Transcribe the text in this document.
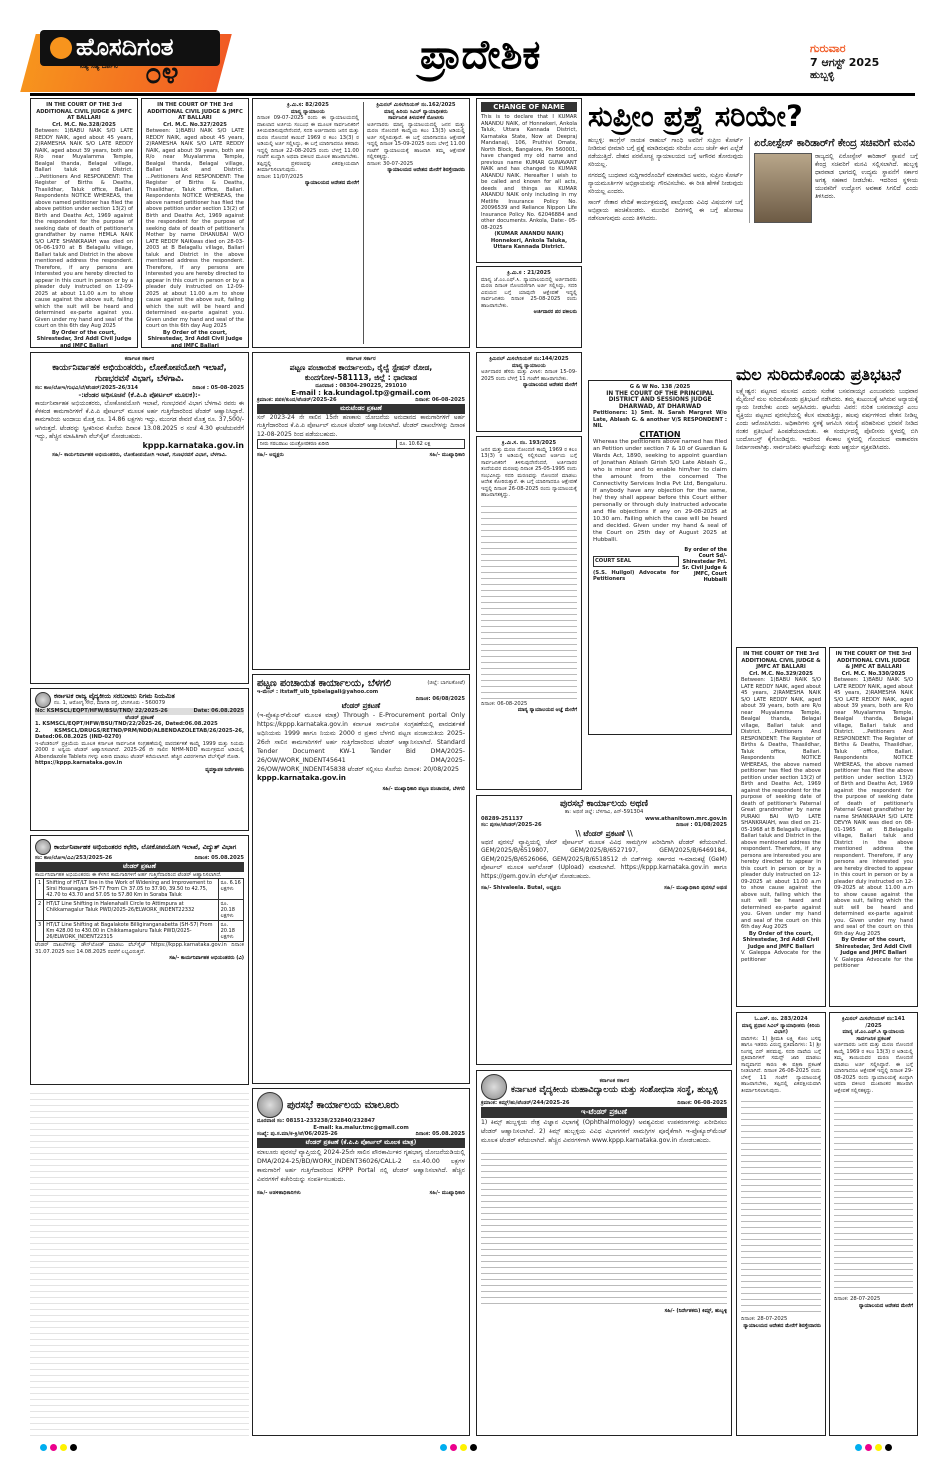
ಹೊಸದಿಗಂತ
ನಿತ್ಯ ಸತ್ಯ ದರ್ಶನ ೦೪	ಪ್ರಾದೇಶಿಕ	ಗುರುವಾರ
7 ಆಗಸ್ಟ್ 2025
ಹುಬ್ಬಳ್ಳಿ
IN THE COURT OF THE 3rd ADDITIONAL CIVIL JUDGE & JMFC AT BALLARI
Crl. M.C. No.328/2025
Between: 1)BABU NAIK S/O LATE REDDY NAIK, aged about 45 years, 2)RAMESHA NAIK S/O LATE REDDY NAIK, aged about 39 years, both are R/o near Muyalamma Temple, Bealgal thanda, Belagal village, Ballari taluk and District. ...Petitioners And RESPONDENT: The Register of Births & Deaths, Thasildhar, Taluk office, Ballari. Respondents NOTICE WHEREAS, the above named petitioner has filed the above petition under section 13(2) of Birth and Deaths Act, 1969 against the respondent for the purpose of seeking date of death of petitioner's grandfather by name HEMLA NAIK S/O LATE SHANKRAIAH was died on 06-06-1970 at B Belagallu village, Ballari taluk and District in the above mentioned address the respondent. Therefore, if any persons are interested you are hereby directed to appear in this court in person or by a pleader duly instructed on 12-09-2025 at about 11.00 a.m to show cause against the above suit, failing which the suit will be heard and determined ex-parte against you. Given under my hand and seal of the court on this 6th day Aug 2025
By Order of the court, Shirestedar, 3rd Addl Civil Judge and JMFC Ballari
IN THE COURT OF THE 3rd ADDITIONAL CIVIL JUDGE & JMFC AT BALLARI
Crl. M.C. No.327/2025
Between: 1)BABU NAIK S/O LATE REDDY NAIK, aged about 45 years, 2)RAMESHA NAIK S/O LATE REDDY NAIK, aged about 39 years, both are R/o near Muyalamma Temple, Bealgal thanda, Belagal village, Ballari taluk and District. ...Petitioners And RESPONDENT: The Register of Births & Deaths, Thasildhar, Taluk office, Ballari. Respondents NOTICE WHEREAS, the above named petitioner has filed the above petition under section 13(2) of Birth and Deaths Act, 1969 against the respondent for the purpose of seeking date of death of petitioner's Mother by name DHANUBAI W/O LATE REDDY NAIKwas died on 28-03-2003 at B Belagallu village, Ballari taluk and District in the above mentioned address the respondent. Therefore, if any persons are interested you are hereby directed to appear in this court in person or by a pleader duly instructed on 12-09-2025 at about 11.00 a.m to show cause against the above suit, failing which the suit will be heard and determined ex-parte against you. Given under my hand and seal of the court on this 6th day Aug 2025
By Order of the court, Shirestedar, 3rd Addl Civil Judge and JMFC Ballari
ಕ್ರಿ.ಮಿ.ಸ: 82/2025
ಮಾನ್ಯ ನ್ಯಾಯಾಲಯ
ದಿನಾಂಕ 09-07-2025 ರಂದು ಈ ನ್ಯಾಯಾಲಯದಲ್ಲಿ ದಾಖಲಾದ ಅರ್ಜಿಯ ಸಂಬಂಧ ಈ ಮೂಲಕ ಸಾರ್ವಜನಿಕರಿಗೆ ತಿಳಿಯಪಡಿಸುವುದೇನೆಂದರೆ, ಸದರಿ ಅರ್ಜಿದಾರರು ಜನನ ಮತ್ತು ಮರಣ ನೋಂದಣಿ ಕಾಯಿದೆ 1969 ರ ಕಲಂ 13(3) ರ ಅಡಿಯಲ್ಲಿ ಅರ್ಜಿ ಸಲ್ಲಿಸಿದ್ದು, ಈ ಬಗ್ಗೆ ಯಾರಿಗಾದರೂ ತಕರಾರು ಇದ್ದಲ್ಲಿ ದಿನಾಂಕ 22-08-2025 ರಂದು ಬೆಳಗ್ಗೆ 11.00 ಗಂಟೆಗೆ ಖುದ್ದಾಗಿ ಅಥವಾ ವಕೀಲರ ಮೂಲಕ ಹಾಜರಾಗಬೇಕು. ತಪ್ಪಿದ್ದಲ್ಲಿ ಪ್ರಕರಣವನ್ನು ಏಕಪಕ್ಷೀಯವಾಗಿ ತೀರ್ಮಾನಿಸಲಾಗುವುದು.
ದಿನಾಂಕ: 11/07/2025
ನ್ಯಾಯಾಲಯದ ಆದೇಶದ ಮೇರೆಗೆ
ಕ್ರಿಮಿನಲ್ ಮಿಸಲೇನಿಯಸ್ ನಂ.162/2025
ಮಾನ್ಯ ಹಿರಿಯ ಸಿವಿಲ್ ನ್ಯಾಯಾಧೀಶರು
ಸಾರ್ವಜನಿಕ ತಿಳುವಳಿಕೆ ನೋಟೀಸು
ಅರ್ಜಿದಾರರು ಮಾನ್ಯ ನ್ಯಾಯಾಲಯದಲ್ಲಿ ಜನನ ಮತ್ತು ಮರಣ ನೋಂದಣಿ ಕಾಯ್ದೆಯ ಕಲಂ 13(3) ಅಡಿಯಲ್ಲಿ ಅರ್ಜಿ ಸಲ್ಲಿಸಿರುತ್ತಾರೆ. ಈ ಬಗ್ಗೆ ಯಾರಿಗಾದರೂ ಆಕ್ಷೇಪಣೆ ಇದ್ದಲ್ಲಿ ದಿನಾಂಕ 15-09-2025 ರಂದು ಬೆಳಿಗ್ಗೆ 11.00 ಗಂಟೆಗೆ ನ್ಯಾಯಾಲಯಕ್ಕೆ ಹಾಜರಾಗಿ ತಮ್ಮ ಆಕ್ಷೇಪಣೆ ಸಲ್ಲಿಸತಕ್ಕದ್ದು.
ದಿನಾಂಕ: 30-07-2025
ನ್ಯಾಯಾಲಯದ ಆದೇಶದ ಮೇರೆಗೆ ಶಿರಸ್ತೇದಾರರು
CHANGE OF NAME
This is to declare that I KUMAR ANANDU NAIK, of Honnekeri, Ankola Taluk, Uttara Kannada District, Karnataka State, Now at Deepraj Mandanaji, 106, Pruthivi Omate, North Block, Bangalore, Pin 560001, have changed my old name and previous name KUMAR GUNAVANT NAIK and has changed to KUMAR ANANDU NAIK. Hereafter I wish to be called and known for all acts, deeds and things as KUMAR ANANDU NAIK only including in my Metlife Insurance Policy No. 20096539 and Reliance Nippon Life Insurance Policy No. 62046884 and other documents. Ankola, Date:- 05-08-2025
(KUMAR ANANDU NAIK) Honnekeri, Ankola Taluka, Uttara Kannada District.
ಕ್ರಿ.ಮಿ.ಸ : 21/2025
ಮಾನ್ಯ ಜೆ.ಎಂ.ಎಫ್.ಸಿ. ನ್ಯಾಯಾಲಯದಲ್ಲಿ ಅರ್ಜಿದಾರರು ಮರಣ ದಿನಾಂಕ ನೋಂದಣಿಗಾಗಿ ಅರ್ಜಿ ಸಲ್ಲಿಸಿದ್ದು, ಸದರಿ ವಿಷಯದ ಬಗ್ಗೆ ಯಾವುದೇ ಆಕ್ಷೇಪಣೆ ಇದ್ದಲ್ಲಿ ಸಾರ್ವಜನಿಕರು ದಿನಾಂಕ 25-08-2025 ರಂದು ಹಾಜರಾಗಬೇಕು.
ಅರ್ಜಿದಾರರ ಪರ ವಕೀಲರು
ಸುಪ್ರೀಂ ಪ್ರಶ್ನೆ ಸರಿಯೇ?
ಹುಬ್ಬಳ್ಳಿ: ಕಾಂಗ್ರೆಸ್ ನಾಯಕ ರಾಹುಲ್ ಗಾಂಧಿ ಅವರಿಗೆ ಸುಪ್ರೀಂ ಕೋರ್ಟ್ ನೀಡಿರುವ ಛೀಮಾರಿ ಬಗ್ಗೆ ಪ್ರಶ್ನೆ ಮಾಡಿರುವುದು ಸರಿಯೇ ಎಂಬ ಚರ್ಚೆ ಈಗ ಎಲ್ಲೆಡೆ ನಡೆಯುತ್ತಿದೆ. ದೇಶದ ಪರಮೋಚ್ಚ ನ್ಯಾಯಾಲಯದ ಬಗ್ಗೆ ಅಗೌರವ ತೋರುವುದು ಸರಿಯಲ್ಲ.
ನಗರದಲ್ಲಿ ಬುಧವಾರ ಸುದ್ದಿಗಾರರೊಂದಿಗೆ ಮಾತನಾಡಿದ ಅವರು, ಸುಪ್ರೀಂ ಕೋರ್ಟ್ ನ್ಯಾಯಮೂರ್ತಿಗಳ ಅಭಿಪ್ರಾಯವನ್ನು ಗೌರವಿಸಬೇಕು. ಈ ರೀತಿ ಹೇಳಿಕೆ ನೀಡುವುದು ಸರಿಯಲ್ಲ ಎಂದರು.
ಸಾಂಗ್ ನೇತಾರ ವೇದಿಕೆ ಕಾರ್ಯಕ್ರಮದಲ್ಲಿ ಪಾಲ್ಗೊಂಡು ವಿವಿಧ ವಿಷಯಗಳ ಬಗ್ಗೆ ಅಭಿಪ್ರಾಯ ಹಂಚಿಕೊಂಡರು. ಮುಂದಿನ ದಿನಗಳಲ್ಲಿ ಈ ಬಗ್ಗೆ ಹೋರಾಟ ನಡೆಸಲಾಗುವುದು ಎಂದು ತಿಳಿಸಿದರು.
ಏರೋಸ್ಪೇಸ್ ಕಾರಿಡಾರ್‌ಗೆ ಕೇಂದ್ರ ಸಚಿವರಿಗೆ ಮನವಿ
ರಾಜ್ಯದಲ್ಲಿ ಏರೋಸ್ಪೇಸ್ ಕಾರಿಡಾರ್ ಸ್ಥಾಪನೆ ಬಗ್ಗೆ ಕೇಂದ್ರ ಸಚಿವರಿಗೆ ಮನವಿ ಸಲ್ಲಿಸಲಾಗಿದೆ. ಹುಬ್ಬಳ್ಳಿ ಧಾರವಾಡ ಭಾಗದಲ್ಲಿ ಉದ್ಯಮ ಸ್ಥಾಪನೆಗೆ ಸರ್ಕಾರ ಅಗತ್ಯ ಸಹಕಾರ ನೀಡಬೇಕು. ಇದರಿಂದ ಸ್ಥಳೀಯ ಯುವಕರಿಗೆ ಉದ್ಯೋಗ ಅವಕಾಶ ಸಿಗಲಿದೆ ಎಂದು ತಿಳಿಸಿದರು.
ಕರ್ನಾಟಕ ಸರ್ಕಾರ
ಕಾರ್ಯನಿರ್ವಾಹಕ ಅಭಿಯಂತರರು, ಲೋಕೋಪಯೋಗಿ ಇಲಾಖೆ, ಗುಣಭರವಸೆ ವಿಭಾಗ, ಬೆಳಗಾವಿ.
ಸಂ: ಕಾಅ/ಲೋಇ/ಗುಭವಿ/ಬೆ/ಟೆಂಡರ್/2025-26/314	ದಿನಾಂಕ : 05-08-2025
-:ಟೆಂಡರ ಅಧಿಸೂಚನೆ (ಕೆ.ಪಿ.ಪಿ ಪೋರ್ಟಲ್ ಮೂಲಕ):-
ಕಾರ್ಯನಿರ್ವಾಹಕ ಅಭಿಯಂತರರು, ಲೋಕೋಪಯೋಗಿ ಇಲಾಖೆ, ಗುಣಭರವಸೆ ವಿಭಾಗ ಬೆಳಗಾವಿ ರವರು ಈ ಕೆಳಕಂಡ ಕಾಮಗಾರಿಗಳಿಗೆ ಕೆ.ಪಿ.ಪಿ ಪೋರ್ಟಲ್ ಮೂಲಕ ಅರ್ಹ ಗುತ್ತಿಗೆದಾರರಿಂದ ಟೆಂಡರ್ ಆಹ್ವಾನಿಸಿದ್ದಾರೆ. ಕಾಮಗಾರಿಯ ಅಂದಾಜು ಮೊತ್ತ ರೂ. 14.86 ಲಕ್ಷಗಳು ಇದ್ದು, ಮುಂಗಡ ಠೇವಣಿ ಮೊತ್ತ ರೂ. 37,500/- ಆಗಿರುತ್ತದೆ. ಟೆಂಡರನ್ನು ಸ್ವೀಕರಿಸುವ ಕೊನೆಯ ದಿನಾಂಕ 13.08.2025 ರ ಸಂಜೆ 4.30 ಘಂಟೆಯವರೆಗೆ ಇದ್ದು, ಹೆಚ್ಚಿನ ಮಾಹಿತಿಗಾಗಿ ವೆಬ್‌ಸೈಟ್ ನೋಡಬಹುದು.
kppp.karnataka.gov.in
ಸಹಿ/- ಕಾರ್ಯನಿರ್ವಾಹಕ ಅಭಿಯಂತರರು, ಲೋಕೋಪಯೋಗಿ ಇಲಾಖೆ, ಗುಣಭರವಸೆ ವಿಭಾಗ, ಬೆಳಗಾವಿ.
ಕರ್ನಾಟಕ ರಾಜ್ಯ ವೈದ್ಯಕೀಯ ಸರಬರಾಜು ನಿಗಮ ನಿಯಮಿತ
ನಂ. 1, ಆರೋಗ್ಯ ಸೌಧ, ಮಾಗಡಿ ರಸ್ತೆ, ಬೆಂಗಳೂರು - 560079
No: KSMSCL/EQPT/HFW/BSU/TND/ 22/2025-26	Date: 06.08.2025
ಟೆಂಡರ್ ಪ್ರಕಟಣೆ
1. KSMSCL/EQPT/HFW/BSU/TND/22/2025-26, Dated:06.08.2025
2. KSMSCL/DRUGS/RETND/PRM/NDD/ALBENDAZOLETAB/26/2025-26, Dated:06.08.2025 (IND-0270)
ಇ-ಟೆಂಡರಿಂಗ್ ಪ್ರಕ್ರಿಯೆಯ ಮೂಲಕ ಕರ್ನಾಟಕ ಸಾರ್ವಜನಿಕ ಸಂಗ್ರಹಣೆಯಲ್ಲಿ ಪಾರದರ್ಶಕತೆ ಕಾಯ್ದೆ 1999 ಮತ್ತು ನಿಯಮ 2000 ರ ಅನ್ವಯ ಟೆಂಡರ್ ಆಹ್ವಾನಿಸಲಾಗಿದೆ. 2025-26 ನೇ ಸಾಲಿನ NHM-NDD ಕಾರ್ಯಕ್ರಮದ ಅಡಿಯಲ್ಲಿ Albendazole Tablets ಗಳನ್ನು ಖರೀದಿ ಮಾಡಲು ಟೆಂಡರ್ ಕರೆಯಲಾಗಿದೆ. ಹೆಚ್ಚಿನ ವಿವರಗಳಿಗಾಗಿ ವೆಬ್‌ಸೈಟ್ ನೋಡಿ.
https://kppp.karnataka.gov.in
ವ್ಯವಸ್ಥಾಪಕ ನಿರ್ದೇಶಕರು
ಕಾರ್ಯನಿರ್ವಾಹಕ ಅಭಿಯಂತರರ ಕಛೇರಿ, ಲೋಕೋಪಯೋಗಿ ಇಲಾಖೆ, ವಿದ್ಯುತ್ ವಿಭಾಗ
ಸಂ: ಕಾಅ/ಲೋಇ/ವಿವಿ/253/2025-26	ದಿನಾಂಕ: 05.08.2025
ಟೆಂಡರ್ ಪ್ರಕಟಣೆ
ಕಾರ್ಯನಿರ್ವಾಹಕ ಅಭಿಯಂತರರು ಈ ಕೆಳಗಿನ ಕಾಮಗಾರಿಗಳಿಗೆ ಅರ್ಹ ಗುತ್ತಿಗೆದಾರರಿಂದ ಟೆಂಡರ್ ಆಹ್ವಾನಿಸಲಾಗಿದೆ.
1	Shifting of HT/LT line in the Work of Widening and Improvement to Sirsi Hosanagara SH-77 From Ch 37.05 to 37.90, 39.50 to 42.75, 42.70 to 43.70 and 57.05 to 57.80 Km in Soraba Taluk	ರೂ. 6.16 ಲಕ್ಷಗಳು
2	HT/LT Line Shifting in Halenahalli Circle to Attimpura at Chikkamagalur Taluk PWD/2025-26/ELWORK_INDENT22332	ರೂ. 20.18 ಲಕ್ಷಗಳು
3	HT/LT Line Shifting at Bagalakote Billigiranganabetta (SH-57) From Km 428.00 to 430.00 in Chikkamagaluru Taluk PWD/2025-26/ELWORK_INDENT22315	ರೂ. 20.18 ಲಕ್ಷಗಳು
ಟೆಂಡರ್ ದಾಖಲೆಗಳನ್ನು ಡೌನ್‌ಲೋಡ್ ಮಾಡಲು ವೆಬ್‌ಸೈಟ್ https://kppp.karnataka.gov.in ದಿನಾಂಕ 31.07.2025 ರಿಂದ 14.08.2025 ರವರೆಗೆ ಲಭ್ಯವಿರುತ್ತದೆ.
ಸಹಿ/- ಕಾರ್ಯನಿರ್ವಾಹಕ ಅಭಿಯಂತರರು (ವಿ)
ಕರ್ನಾಟಕ ಸರ್ಕಾರ
ಪಟ್ಟಣ ಪಂಚಾಯತ ಕಾರ್ಯಾಲಯ, ರೈಲ್ವೆ ಸ್ಟೇಷನ್ ರೋಡ, ಕುಂದಗೋಳ-581113, ಜಿಲ್ಲೆ : ಧಾರವಾಡ
ದೂರವಾಣಿ : 08304-290225, 291010
E-mail : ka.kundagol.tp@gmail.com
ಕ್ರಮಾಂಕ: ಪಪಕ/ಕುಂದ/ಟೆಂಡರ್/2025-26	ದಿನಾಂಕ: 06-08-2025
ಮರುಟೆಂಡರ ಪ್ರಕಟಣೆ
ಸನ್ 2023-24 ನೇ ಸಾಲಿನ 15ನೇ ಹಣಕಾಸು ಯೋಜನೆಯ ಅನುದಾನದ ಕಾಮಗಾರಿಗಳಿಗೆ ಅರ್ಹ ಗುತ್ತಿಗೆದಾರರಿಂದ ಕೆ.ಪಿ.ಪಿ ಪೋರ್ಟಲ್ ಮೂಲಕ ಟೆಂಡರ್ ಆಹ್ವಾನಿಸಲಾಗಿದೆ. ಟೆಂಡರ್ ದಾಖಲೆಗಳನ್ನು ದಿನಾಂಕ 12-08-2025 ರಿಂದ ಪಡೆಯಬಹುದು.
ನೀರು ಸರಬರಾಜು ಯಂತ್ರೋಪಕರಣ ಖರೀದಿ	ರೂ. 10.62 ಲಕ್ಷ
ಸಹಿ/- ಅಧ್ಯಕ್ಷರು	ಸಹಿ/- ಮುಖ್ಯಾಧಿಕಾರಿ
ಪಟ್ಟಣ ಪಂಚಾಯತ ಕಾರ್ಯಾಲಯ, ಬೆಳಗಲಿ	(ಜಿಲ್ಲೆ: ಬಾಗಲಕೋಟೆ)
ಇ-ಮೇಲ್ : itstaff_ulb_tpbelagali@yahoo.com
ದಿನಾಂಕ: 06/08/2025
ಟೆಂಡರ್ ಪ್ರಕಟಣೆ
(ಇ-ಪ್ರೊಕ್ಯೂರ್‌ಮೆಂಟ್ ಮೂಲಕ ಮಾತ್ರ) Through - E-Procurement portal Only https://kppp.karnataka.gov.in ಕರ್ನಾಟಕ ಸಾರ್ವಜನಿಕ ಸಂಗ್ರಹಣೆಯಲ್ಲಿ ಪಾರದರ್ಶಕತೆ ಅಧಿನಿಯಮ 1999 ಹಾಗೂ ನಿಯಮ 2000 ರ ಪ್ರಕಾರ ಬೆಳಗಲಿ ಪಟ್ಟಣ ಪಂಚಾಯತಿಯ 2025-26ನೇ ಸಾಲಿನ ಕಾಮಗಾರಿಗಳಿಗೆ ಅರ್ಹ ಗುತ್ತಿಗೆದಾರರಿಂದ ಟೆಂಡರ್ ಆಹ್ವಾನಿಸಲಾಗಿದೆ. Standard Tender Document KW-1 Tender Bid DMA/2025-26/OW/WORK_INDENT45641 DMA/2025-26/OW/WORK_INDENT45838 ಟೆಂಡರ್ ಸಲ್ಲಿಸಲು ಕೊನೆಯ ದಿನಾಂಕ: 20/08/2025
kppp.karnataka.gov.in
ಸಹಿ/- ಮುಖ್ಯಾಧಿಕಾರಿ ಪಟ್ಟಣ ಪಂಚಾಯತ, ಬೆಳಗಲಿ
G & W No. 138 /2025
IN THE COURT OF THE PRINCIPAL DISTRICT AND SESSIONS JUDGE DHARWAD, AT DHARWAD
Petitioners: 1) Smt. N. Sarah Margret W/o Late, Ablash G. & another V/S RESPONDENT : NIL
CITATION
Whereas the petitioners above named has filed an Petition under section 7 & 10 of Guardian & Wards Act, 1890, seeking to appoint guardian of Jonathan Ablash Girish S/O Late Ablash G., who is minor and to enable him/her to claim the amount from the concerned The Connectivity Services India Pvt Ltd, Bengaluru. If anybody have any objection for the same, he/ they shall appear before this Court either personally or through duly instructed advocate and file objections if any on 29-08-2025 at 10.30 am. Failing which the case will be heard and decided. Given under my hand & seal of the Court on 25th day of August 2025 at Hubballi.
COURT SEAL
(S.S. Huilgol) Advocate for Petitioners
By order of the Court Sd/- Shirestedar Prl. Sr. Civil Judge & JMFC, Court Hubballi
ಕ್ರಿಮಿನಲ್ ಮಿಸಲೇನಿಯಸ್ ನಂ:144/2025
ಮಾನ್ಯ ನ್ಯಾಯಾಲಯ
ಅರ್ಜಿದಾರರ ಹೆಸರು ಮತ್ತು ವಿಳಾಸ: ದಿನಾಂಕ 15-09-2025 ರಂದು ಬೆಳಗ್ಗೆ 11 ಗಂಟೆಗೆ ಹಾಜರಾಗಬೇಕು.
ನ್ಯಾಯಾಲಯದ ಆದೇಶದ ಮೇರೆಗೆ
ಕ್ರಿ.ಮಿ.ಸ. ನಂ. 193/2025
ಜನನ ಮತ್ತು ಮರಣ ನೋಂದಣಿ ಕಾಯ್ದೆ 1969 ರ ಕಲಂ 13(3) ರ ಅಡಿಯಲ್ಲಿ ಸಲ್ಲಿಸಲಾದ ಅರ್ಜಿಯ ಬಗ್ಗೆ ಸಾರ್ವಜನಿಕರಿಗೆ ತಿಳಿಸುವುದೇನೆಂದರೆ, ಅರ್ಜಿದಾರರ ತಂದೆಯವರ ಮರಣವು ದಿನಾಂಕ 25-05-1995 ರಂದು ಸಂಭವಿಸಿದ್ದು ಸದರಿ ಮರಣವನ್ನು ನೋಂದಣಿ ಮಾಡಲು ಆದೇಶ ಕೋರಿರುತ್ತಾರೆ. ಈ ಬಗ್ಗೆ ಯಾರಿಗಾದರೂ ಆಕ್ಷೇಪಣೆ ಇದ್ದಲ್ಲಿ ದಿನಾಂಕ 26-08-2025 ರಂದು ನ್ಯಾಯಾಲಯಕ್ಕೆ ಹಾಜರಾಗತಕ್ಕದ್ದು.
ದಿನಾಂಕ: 06-08-2025
ಮಾನ್ಯ ನ್ಯಾಯಾಲಯದ ಆಜ್ಞೆ ಮೇರೆಗೆ
ಮಲ ಸುರಿದುಕೊಂಡು ಪ್ರತಿಭಟನೆ
ಲಕ್ಷ್ಮೇಶ್ವರ: ಪಟ್ಟಣದ ಮಲಸದ ಎದುರು ಸುರೇಶ ಬಸವನಾಯ್ಕರ ಎಂಬುವವರು ಬುಧವಾರ ಮೈಮೇಲೆ ಮಲ ಸುರಿದುಕೊಂಡು ಪ್ರತಿಭಟನೆ ನಡೆಸಿದರು. ತಮ್ಮ ಕುಟುಂಬಕ್ಕೆ ಆಗಿರುವ ಅನ್ಯಾಯಕ್ಕೆ ನ್ಯಾಯ ನೀಡಬೇಕು ಎಂದು ಆಗ್ರಹಿಸಿದರು. ಘಟನೆಯ ವಿವರ: ನುರಿತ ಬಸವನಾಯ್ಕರ ಎಂಬ ವ್ಯಕ್ತಿಯು ಪಟ್ಟಣದ ಪುರಸಭೆಯಲ್ಲಿ ಕೆಲಸ ಮಾಡುತ್ತಿದ್ದು, ಹಲವು ವರ್ಷಗಳಿಂದ ವೇತನ ನೀಡಿಲ್ಲ ಎಂದು ಆರೋಪಿಸಿದರು. ಅಧಿಕಾರಿಗಳು ಸ್ಥಳಕ್ಕೆ ಆಗಮಿಸಿ ಸಮಸ್ಯೆ ಪರಿಹರಿಸುವ ಭರವಸೆ ನೀಡಿದ ನಂತರ ಪ್ರತಿಭಟನೆ ಹಿಂಪಡೆಯಲಾಯಿತು. ಈ ಸಂದರ್ಭದಲ್ಲಿ ಪೊಲೀಸರು ಸ್ಥಳದಲ್ಲಿ ಬಿಗಿ ಬಂದೋಬಸ್ತ್ ಕೈಗೊಂಡಿದ್ದರು. ಇದರಿಂದ ಕೆಲಕಾಲ ಸ್ಥಳದಲ್ಲಿ ಗೊಂದಲದ ವಾತಾವರಣ ನಿರ್ಮಾಣವಾಗಿತ್ತು. ಸಾರ್ವಜನಿಕರು ಘಟನೆಯನ್ನು ಕಂಡು ಆಶ್ಚರ್ಯ ವ್ಯಕ್ತಪಡಿಸಿದರು.
IN THE COURT OF THE 3rd ADDITIONAL CIVIL JUDGE & JMFC AT BALLARI
Crl. M.C. No.329/2025
Between: 1)BABU NAIK S/O LATE REDDY NAIK, aged about 45 years, 2)RAMESHA NAIK S/O LATE REDDY NAIK, aged about 39 years, both are R/o near Muyalamma Temple, Bealgal thanda, Belagal village, Ballari taluk and District. ...Petitioners And RESPONDENT: The Register of Births & Deaths, Thasildhar, Taluk office, Ballari. Respondents NOTICE WHEREAS, the above named petitioner has filed the above petition under section 13(2) of Birth and Deaths Act, 1969 against the respondent for the purpose of seeking date of death of petitioner's Paternal Great grandmother by name PURAKI BAI W/O LATE SHANKRAIAH, was died on 21-05-1968 at B Belagallu village, Ballari taluk and District in the above mentioned address the respondent. Therefore, if any persons are interested you are hereby directed to appear in this court in person or by a pleader duly instructed on 12-09-2025 at about 11.00 a.m to show cause against the above suit, failing which the suit will be heard and determined ex-parte against you. Given under my hand and seal of the court on this 6th day Aug 2025
By Order of the court, Shirestedar, 3rd Addl Civil Judge and JMFC Ballari
V. Galeppa Advocate for the petitioner
IN THE COURT OF THE 3rd ADDITIONAL CIVIL JUDGE & JMFC AT BALLARI
Crl. M.C. No.330/2025
Between: 1)BABU NAIK S/O LATE REDDY NAIK, aged about 45 years, 2)RAMESHA NAIK S/O LATE REDDY NAIK, aged about 39 years, both are R/o near Muyalamma Temple, Bealgal thanda, Belagal village, Ballari taluk and District. ...Petitioners And RESPONDENT: The Register of Births & Deaths, Thasildhar, Taluk office, Ballari. Respondents NOTICE WHEREAS, the above named petitioner has filed the above petition under section 13(2) of Birth and Deaths Act, 1969 against the respondent for the purpose of seeking date of death of petitioner's Paternal Great grandfather by name SHANKRAIAH S/O LATE DEVYA NAIK was died on 08-01-1965 at B.Belagallu village, Ballari taluk and District in the above mentioned address the respondent. Therefore, if any persons are interested you are hereby directed to appear in this court in person or by a pleader duly instructed on 12-09-2025 at about 11.00 a.m to show cause against the above suit, failing which the suit will be heard and determined ex-parte against you. Given under my hand and seal of the court on this 6th day Aug 2025
By Order of the court, Shirestedar, 3rd Addl Civil Judge and JMFC Ballari
V. Galeppa Advocate for the petitioner
ಪುರಸಭೆ ಕಾರ್ಯಾಲಯ ಅಥಣಿ
ತಾ: ಅಥಣಿ ಜಿಲ್ಲೆ: ಬೆಳಗಾವಿ, ಪಿನ್-591304
08289-251137	www.athanitown.mrc.gov.in
ಸಂ: ಪುಸ‌ಅ/ಟೆಂಡರ್/2025-26	ದಿನಾಂಕ : 01/08/2025
\\ ಟೆಂಡರ್ ಪ್ರಕಟಣೆ \\
ಅಥಣಿ ಪುರಸಭೆ ವ್ಯಾಪ್ತಿಯಲ್ಲಿ ಜೆಮ್ ಪೋರ್ಟಲ್ ಮೂಲಕ ವಿವಿಧ ಸಾಮಗ್ರಿಗಳ ಖರೀದಿಗಾಗಿ ಟೆಂಡರ್ ಕರೆಯಲಾಗಿದೆ. GEM/2025/B/6519807, GEM/2025/B/6527197, GEM/2025/B/6469184, GEM/2025/B/6526066, GEM/2025/B/6518512 ನೇ ಬಿಡ್‌ಗಳನ್ನು ಸರ್ಕಾರದ ಇ-ಮಾರುಕಟ್ಟೆ (GeM) ಪೋರ್ಟಲ್ ಮೂಲಕ ಅಪ್‌ಲೋಡ್ (Upload) ಮಾಡಲಾಗಿದೆ. https://kppp.karnataka.gov.in ಹಾಗೂ https://gem.gov.in ವೆಬ್‌ಸೈಟ್ ನೋಡಬಹುದು.
ಸಹಿ/- Shivaleela. Butal, ಅಧ್ಯಕ್ಷರು	ಸಹಿ/- ಮುಖ್ಯಾಧಿಕಾರಿ ಪುರಸಭೆ ಅಥಣಿ
ಪುರಸಭೆ ಕಾರ್ಯಾಲಯ ಮಾಲೂರು
ದೂರವಾಣಿ ಸಂ: 08151-233238/232840/232847
E-mail: ka.malur.tmc@gmail.com
ಸಂಖ್ಯೆ: ಪು.ಸ.ಮಾ/ಕ-ಕ್ರಿ/ಟೆ/06/2025-26	ದಿನಾಂಕ: 05.08.2025
ಟೆಂಡರ್ ಪ್ರಕಟಣೆ (ಕೆ.ಪಿ.ಪಿ ಪೋರ್ಟಲ್ ಮೂಲಕ ಮಾತ್ರ)
ಮಾಲೂರು ಪುರಸಭೆ ವ್ಯಾಪ್ತಿಯಲ್ಲಿ 2024-25ನೇ ಸಾಲಿನ ಪೌರಕಾರ್ಮಿಕರ ಗೃಹಭಾಗ್ಯ ಯೋಜನೆಯಡಿಯಲ್ಲಿ DMA/2024-25/BD/WORK_INDENT36026/CALL-2 ರೂ.40.00 ಲಕ್ಷಗಳ ಕಾಮಗಾರಿಗೆ ಅರ್ಹ ಗುತ್ತಿಗೆದಾರರಿಂದ KPPP Portal ನಲ್ಲಿ ಟೆಂಡರ್ ಆಹ್ವಾನಿಸಲಾಗಿದೆ. ಹೆಚ್ಚಿನ ವಿವರಗಳಿಗೆ ಕಚೇರಿಯನ್ನು ಸಂಪರ್ಕಿಸಬಹುದು.
ಸಹಿ/- ಆಡಳಿತಾಧಿಕಾರಿಗಳು	ಸಹಿ/- ಮುಖ್ಯಾಧಿಕಾರಿ
ಕರ್ನಾಟಕ ಸರ್ಕಾರ
ಕರ್ನಾಟಕ ವೈದ್ಯಕೀಯ ಮಹಾವಿದ್ಯಾಲಯ ಮತ್ತು ಸಂಶೋಧನಾ ಸಂಸ್ಥೆ, ಹುಬ್ಬಳ್ಳಿ
ಕ್ರಮಾಂಕ: ಕಿಮ್ಸ್/ಹು/ಟೆಂಡರ್/244/2025-26	ದಿನಾಂಕ: 06-08-2025
ಇ-ಟೆಂಡರ್ ಪ್ರಕಟಣೆ
1) ಕಿಮ್ಸ್ ಹುಬ್ಬಳ್ಳಿಯ ನೇತ್ರ ವಿಜ್ಞಾನ ವಿಭಾಗಕ್ಕೆ (Ophthalmology) ಅವಶ್ಯವಿರುವ ಉಪಕರಣಗಳನ್ನು ಖರೀದಿಸಲು ಟೆಂಡರ್ ಆಹ್ವಾನಿಸಲಾಗಿದೆ. 2) ಕಿಮ್ಸ್ ಹುಬ್ಬಳ್ಳಿಯ ವಿವಿಧ ವಿಭಾಗಗಳಿಗೆ ಸಾಮಗ್ರಿಗಳ ಪೂರೈಕೆಗಾಗಿ ಇ-ಪ್ರೊಕ್ಯೂರ್‌ಮೆಂಟ್ ಮೂಲಕ ಟೆಂಡರ್ ಕರೆಯಲಾಗಿದೆ. ಹೆಚ್ಚಿನ ವಿವರಗಳಿಗಾಗಿ www.kppp.karnataka.gov.in ನೋಡಬಹುದು.
ಸಹಿ/- (ನಿರ್ದೇಶಕರು) ಕಿಮ್ಸ್, ಹುಬ್ಬಳ್ಳಿ
ಓ.ಎಸ್. ನಂ. 283/2024
ಮಾನ್ಯ ಪ್ರಧಾನ ಸಿವಿಲ್ ನ್ಯಾಯಾಧೀಶರು (ಕಿರಿಯ ವಿಭಾಗ)
ವಾದಿಗಳು: 1) ಶ್ರೀಮತಿ ಲಕ್ಷ್ಮಿ ಕೋಂ ಬಸಪ್ಪ ಹಾಗೂ ಇತರರು ವಿರುದ್ಧ ಪ್ರತಿವಾದಿಗಳು: 1) ಶ್ರೀ ನಿಂಗಪ್ಪ ಬಿನ್ ಹನಮಪ್ಪ. ಸದರಿ ದಾವೆಯ ಬಗ್ಗೆ ಪ್ರತಿವಾದಿಗಳಿಗೆ ಸಮನ್ಸ್ ಜಾರಿ ಮಾಡಲು ಸಾಧ್ಯವಾಗದ ಕಾರಣ ಈ ಪತ್ರಿಕಾ ಪ್ರಕಟಣೆ ನೀಡಲಾಗಿದೆ. ದಿನಾಂಕ 26-08-2025 ರಂದು ಬೆಳಿಗ್ಗೆ 11 ಗಂಟೆಗೆ ನ್ಯಾಯಾಲಯಕ್ಕೆ ಹಾಜರಾಗಬೇಕು, ತಪ್ಪಿದಲ್ಲಿ ಏಕಪಕ್ಷೀಯವಾಗಿ ತೀರ್ಮಾನಿಸಲಾಗುವುದು.
ದಿನಾಂಕ: 28-07-2025
ನ್ಯಾಯಾಲಯದ ಆದೇಶದ ಮೇರೆಗೆ ಶಿರಸ್ತೇದಾರರು
ಕ್ರಿಮಿನಲ್ ಮಿಸಲೇನಿಯಸ್ ನಂ:141 /2025
ಮಾನ್ಯ ಜೆ.ಎಂ.ಎಫ್.ಸಿ ನ್ಯಾಯಾಲಯ
ಸಾರ್ವಜನಿಕ ಪ್ರಕಟಣೆ
ಅರ್ಜಿದಾರರು ಜನನ ಮತ್ತು ಮರಣ ನೋಂದಣಿ ಕಾಯ್ದೆ 1969 ರ ಕಲಂ 13(3) ರ ಅಡಿಯಲ್ಲಿ ತಮ್ಮ ತಾಯಿಯವರ ಮರಣ ನೋಂದಣಿ ಮಾಡಲು ಅರ್ಜಿ ಸಲ್ಲಿಸಿದ್ದಾರೆ. ಈ ಬಗ್ಗೆ ಯಾರಿಗಾದರೂ ಆಕ್ಷೇಪಣೆ ಇದ್ದಲ್ಲಿ ದಿನಾಂಕ 29-08-2025 ರಂದು ನ್ಯಾಯಾಲಯಕ್ಕೆ ಖುದ್ದಾಗಿ ಅಥವಾ ವಕೀಲರ ಮುಖಾಂತರ ಹಾಜರಾಗಿ ಆಕ್ಷೇಪಣೆ ಸಲ್ಲಿಸತಕ್ಕದ್ದು.
ದಿನಾಂಕ: 28-07-2025
ನ್ಯಾಯಾಲಯದ ಆದೇಶದ ಮೇರೆಗೆ
